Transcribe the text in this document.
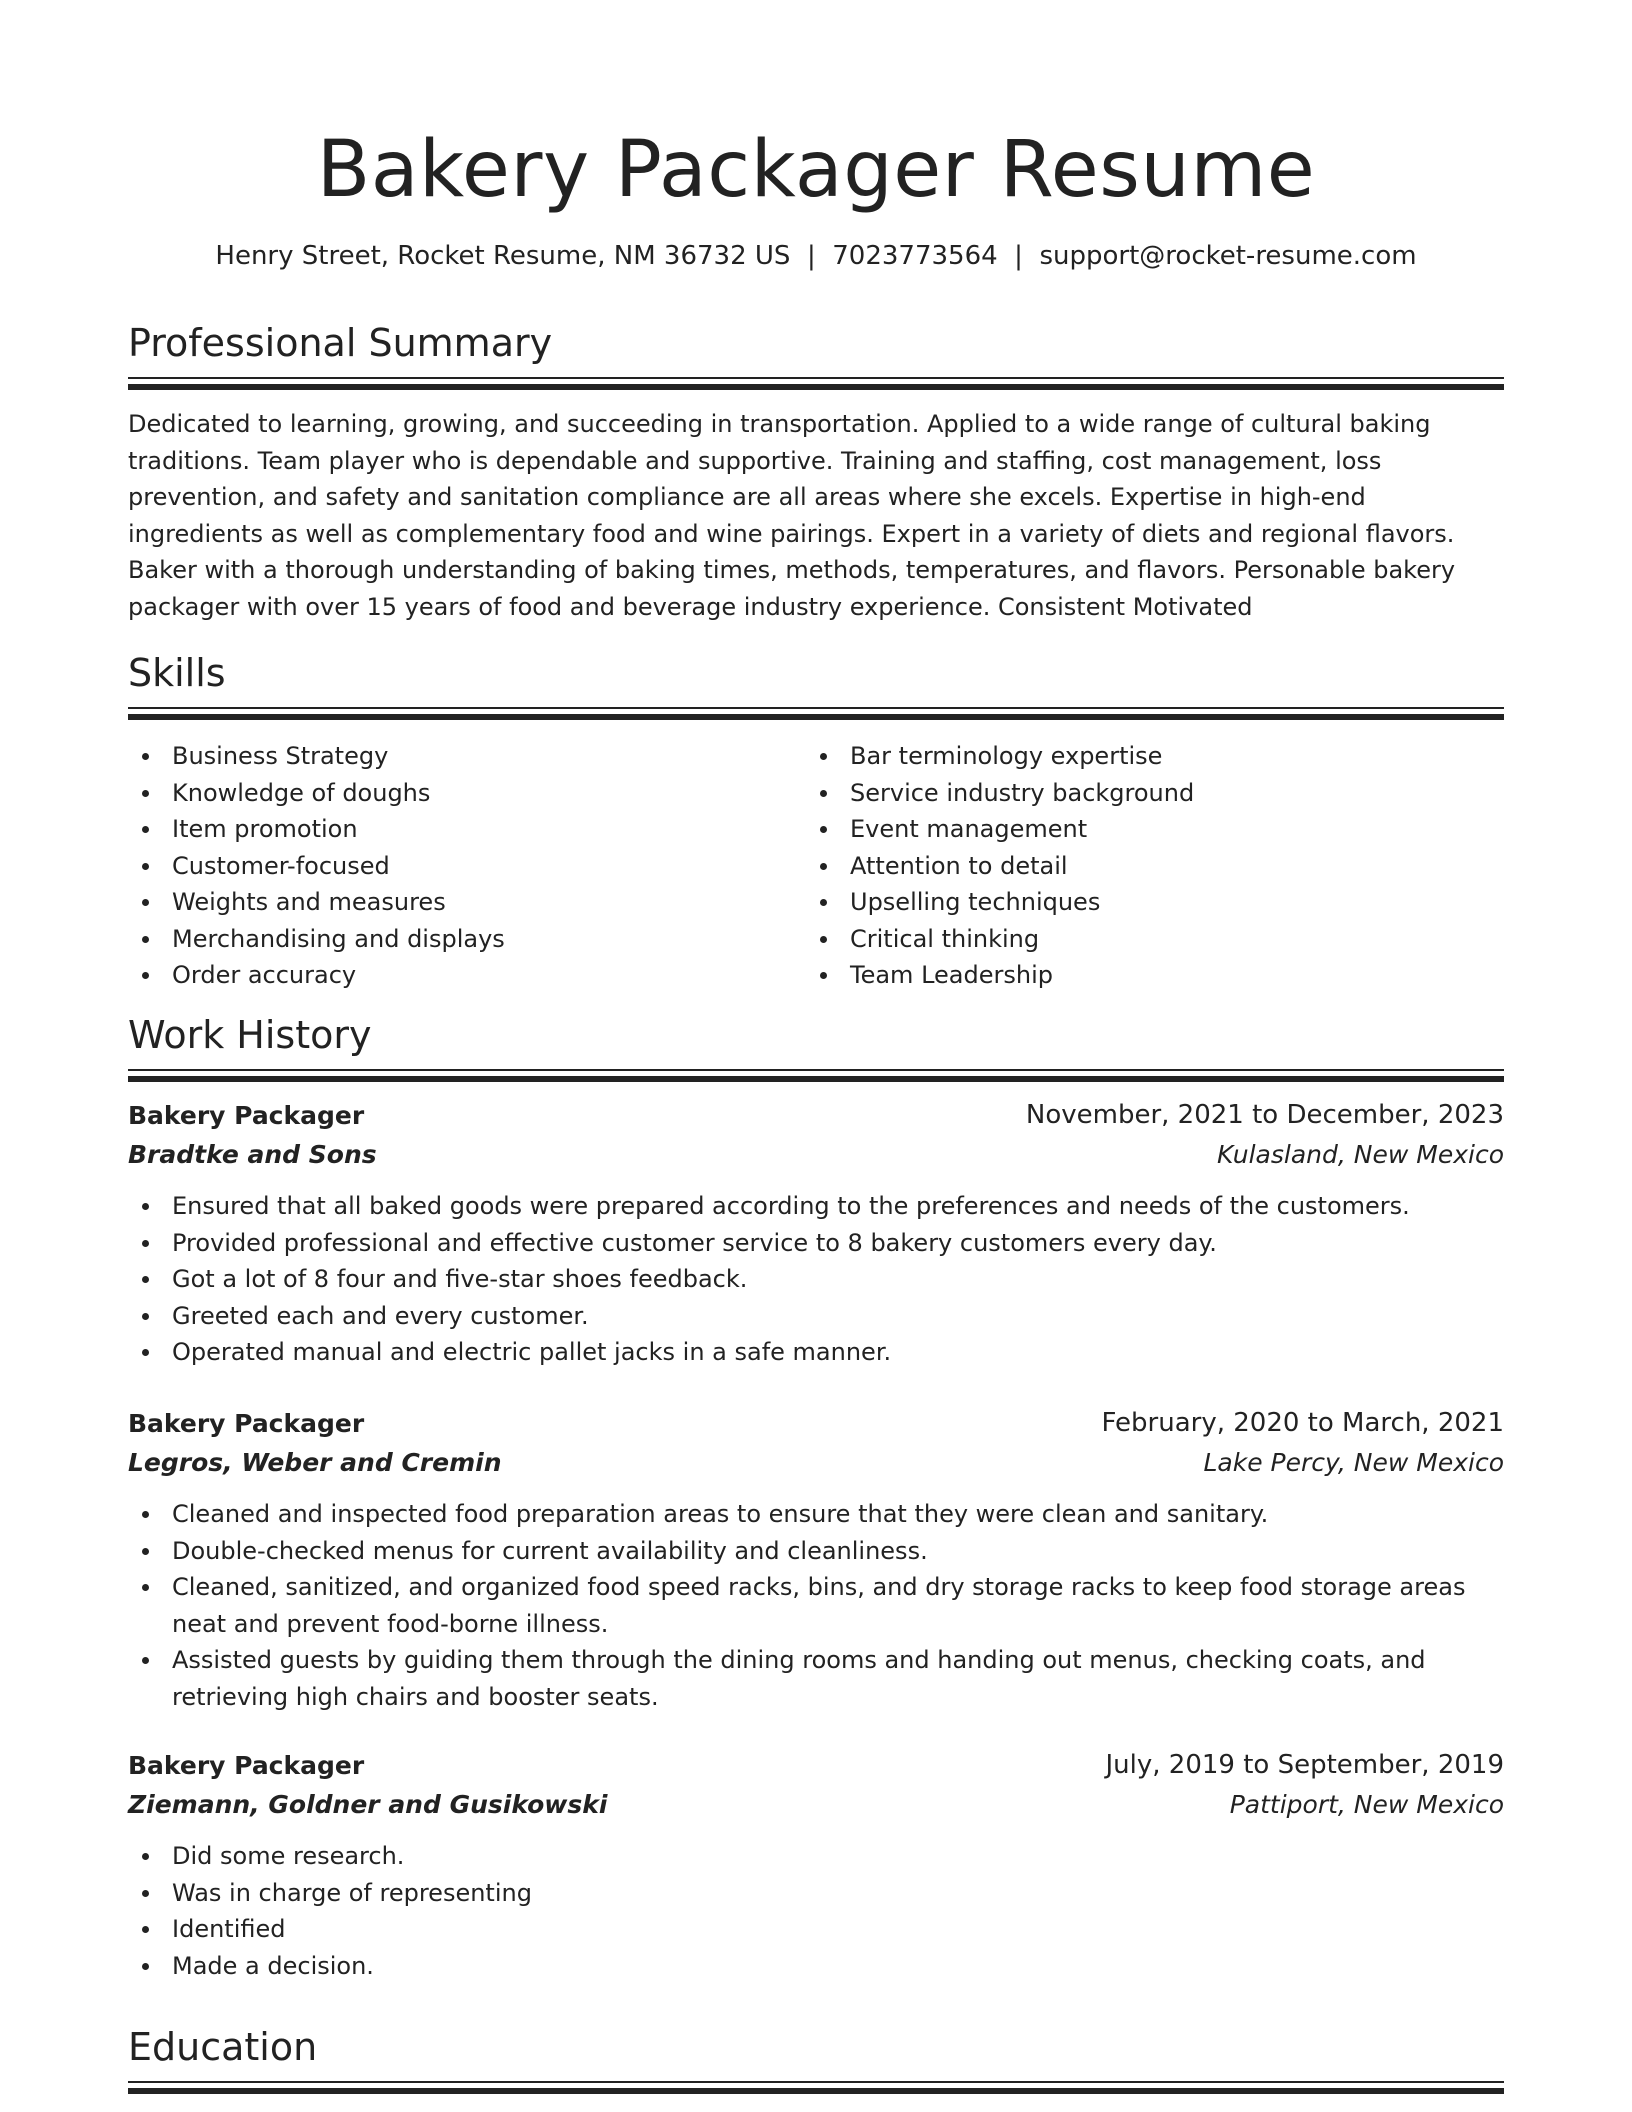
Bakery Packager Resume
Henry Street, Rocket Resume, NM 36732 US  |  7023773564  |  support@rocket-resume.com
Professional Summary

Dedicated to learning, growing, and succeeding in transportation. Applied to a wide range of cultural baking traditions. Team player who is dependable and supportive. Training and staffing, cost management, loss prevention, and safety and sanitation compliance are all areas where she excels. Expertise in high-end ingredients as well as complementary food and wine pairings. Expert in a variety of diets and regional flavors. Baker with a thorough understanding of baking times, methods, temperatures, and flavors. Personable bakery packager with over 15 years of food and beverage industry experience. Consistent Motivated

Skills
Business Strategy
Knowledge of doughs
Item promotion
Customer-focused
Weights and measures
Merchandising and displays
Order accuracy
Bar terminology expertise
Service industry background
Event management
Attention to detail
Upselling techniques
Critical thinking
Team Leadership
Work History
Bakery Packager	November, 2021 to December, 2023
Bradtke and Sons	Kulasland, New Mexico
Ensured that all baked goods were prepared according to the preferences and needs of the customers.
Provided professional and effective customer service to 8 bakery customers every day.
Got a lot of 8 four and five-star shoes feedback.
Greeted each and every customer.
Operated manual and electric pallet jacks in a safe manner.
Bakery Packager	February, 2020 to March, 2021
Legros, Weber and Cremin	Lake Percy, New Mexico
Cleaned and inspected food preparation areas to ensure that they were clean and sanitary.
Double-checked menus for current availability and cleanliness.
Cleaned, sanitized, and organized food speed racks, bins, and dry storage racks to keep food storage areas neat and prevent food-borne illness.
Assisted guests by guiding them through the dining rooms and handing out menus, checking coats, and retrieving high chairs and booster seats.
Bakery Packager	July, 2019 to September, 2019
Ziemann, Goldner and Gusikowski	Pattiport, New Mexico
Did some research.
Was in charge of representing
Identified
Made a decision.
Education
